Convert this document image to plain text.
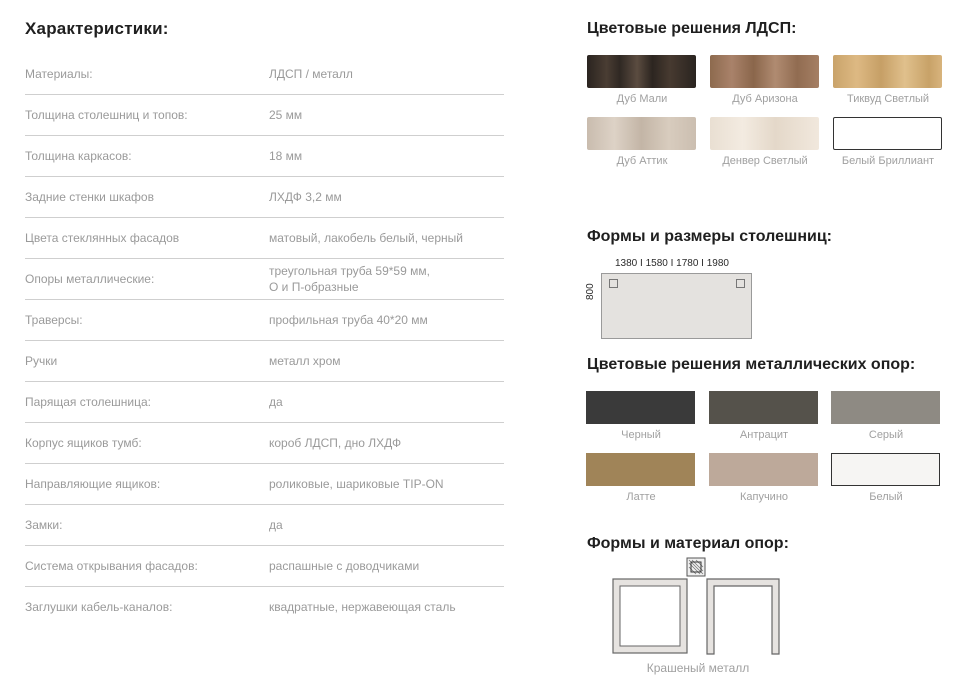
Характеристики:
Материалы:	ЛДСП / металл
Толщина столешниц и топов:	25 мм
Толщина каркасов:	18 мм
Задние стенки шкафов	ЛХДФ 3,2 мм
Цвета стеклянных фасадов	матовый, лакобель белый, черный
Опоры металлические:
треугольная труба 59*59 мм,
О и П-образные
Траверсы:	профильная труба 40*20 мм
Ручки	металл хром
Парящая столешница:	да
Корпус ящиков тумб:	короб ЛДСП, дно ЛХДФ
Направляющие ящиков:	роликовые, шариковые TIP-ON
Замки:	да
Система открывания фасадов:	распашные с доводчиками
Заглушки кабель-каналов:	квадратные, нержавеющая сталь
Цветовые решения ЛДСП:
Дуб Мали	Дуб Аризона	Тиквуд Светлый
Дуб Аттик	Денвер Светлый	Белый Бриллиант
Формы и размеры столешниц:
1380 I 1580 I 1780 I 1980
800
Цветовые решения металлических опор:
Черный	Антрацит	Серый
Латте	Капучино	Белый
Формы и материал опор:
Крашеный металл
